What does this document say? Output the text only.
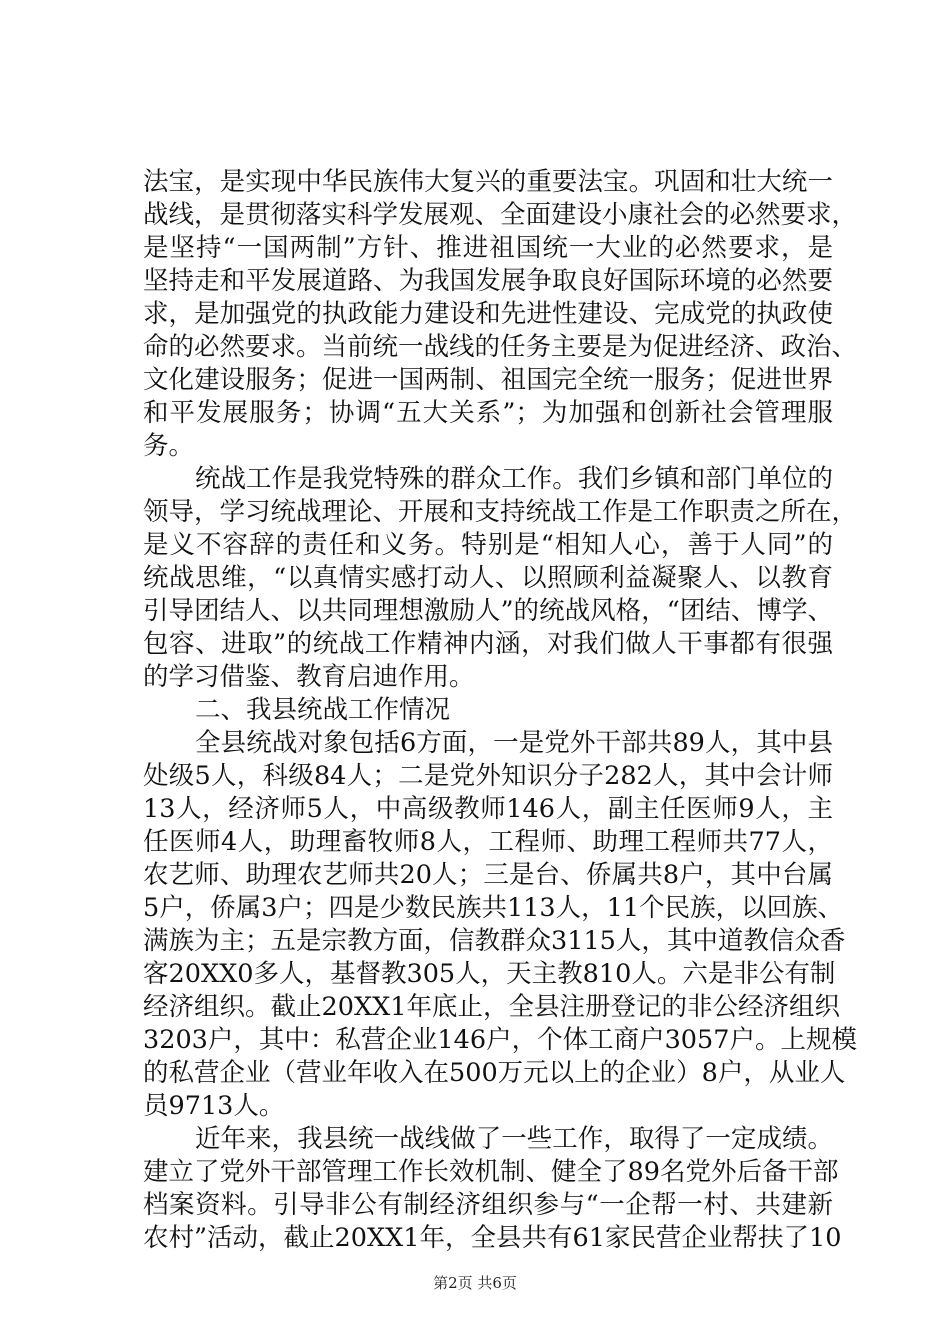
法宝，是实现中华民族伟大复兴的重要法宝。巩固和壮大统一
战线，是贯彻落实科学发展观、全面建设小康社会的必然要求，
是坚持“一国两制”方针、推进祖国统一大业的必然要求，是
坚持走和平发展道路、为我国发展争取良好国际环境的必然要
求，是加强党的执政能力建设和先进性建设、完成党的执政使
命的必然要求。当前统一战线的任务主要是为促进经济、政治、
文化建设服务；促进一国两制、祖国完全统一服务；促进世界
和平发展服务；协调“五大关系”；为加强和创新社会管理服
务。
统战工作是我党特殊的群众工作。我们乡镇和部门单位的
领导，学习统战理论、开展和支持统战工作是工作职责之所在，
是义不容辞的责任和义务。特别是“相知人心，善于人同”的
统战思维，“以真情实感打动人、以照顾利益凝聚人、以教育
引导团结人、以共同理想激励人”的统战风格，“团结、博学、
包容、进取”的统战工作精神内涵，对我们做人干事都有很强
的学习借鉴、教育启迪作用。
二、我县统战工作情况
全县统战对象包括6方面，一是党外干部共89人，其中县
处级5人，科级84人；二是党外知识分子282人，其中会计师
13人，经济师5人，中高级教师146人，副主任医师9人，主
任医师4人，助理畜牧师8人，工程师、助理工程师共77人，
农艺师、助理农艺师共20人；三是台、侨属共8户，其中台属
5户，侨属3户；四是少数民族共113人，11个民族，以回族、
满族为主；五是宗教方面，信教群众3115人，其中道教信众香
客20XX0多人，基督教305人，天主教810人。六是非公有制
经济组织。截止20XX1年底止，全县注册登记的非公经济组织
3203户，其中：私营企业146户，个体工商户3057户。上规模
的私营企业（营业年收入在500万元以上的企业）8户，从业人
员9713人。
近年来，我县统一战线做了一些工作，取得了一定成绩。
建立了党外干部管理工作长效机制、健全了89名党外后备干部
档案资料。引导非公有制经济组织参与“一企帮一村、共建新
农村”活动，截止20XX1年，全县共有61家民营企业帮扶了10
第2页 共6页
